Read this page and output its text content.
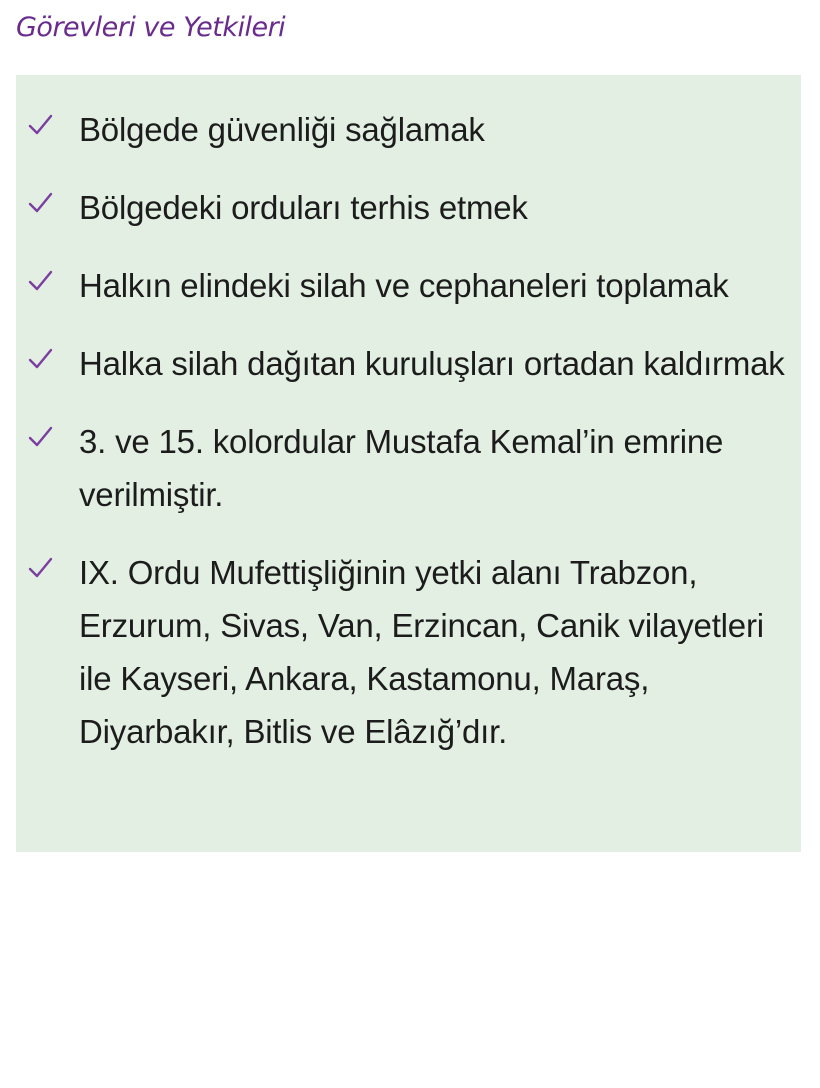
Görevleri ve Yetkileri
Bölgede güvenliği sağlamak
Bölgedeki orduları terhis etmek
Halkın elindeki silah ve cephaneleri toplamak
Halka silah dağıtan kuruluşları ortadan kaldırmak
3. ve 15. kolordular Mustafa Kemal’in emrine verilmiştir.
IX. Ordu Mufettişliğinin yetki alanı Trabzon, Erzurum, Sivas, Van, Erzincan, Canik vilayetleri ile Kayseri, Ankara, Kastamonu, Maraş, Diyarbakır, Bitlis ve Elâzığ’dır.
